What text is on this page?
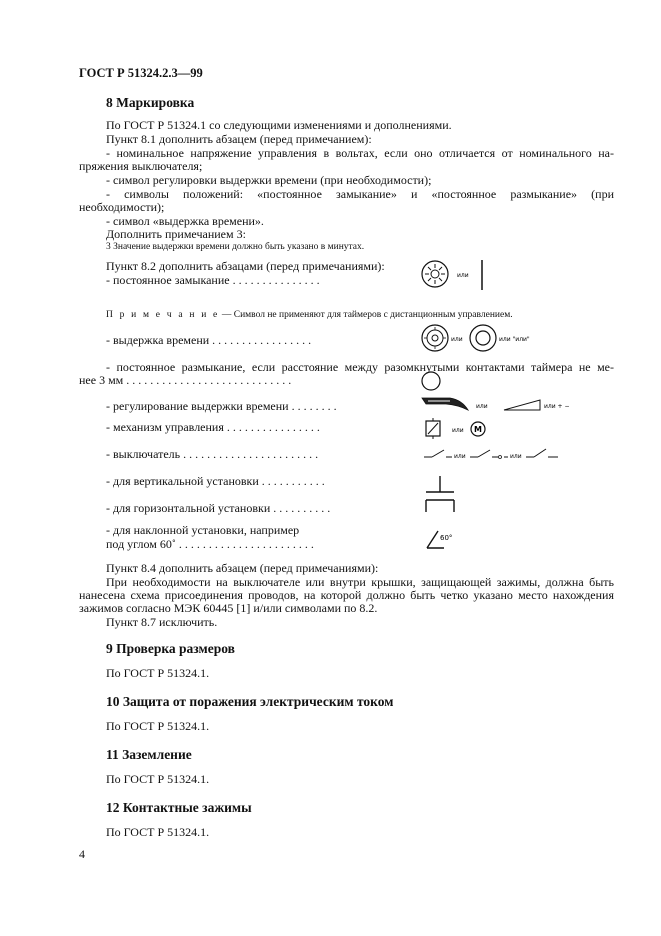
ГОСТ Р 51324.2.3—99
8 Маркировка
По ГОСТ Р 51324.1 со следующими изменениями и дополнениями.
Пункт 8.1 дополнить абзацем (перед примечанием):
- номинальное напряжение управления в вольтах, если оно отличается от номинального на-
пряжения выключателя;
- символ регулировки выдержки времени (при необходимости);
- символы положений: «постоянное замыкание» и «постоянное размыкание» (при
необходимости);
- символ «выдержка времени».
Дополнить примечанием 3:
3 Значение выдержки времени должно быть указано в минутах.
Пункт 8.2 дополнить абзацами (перед примечаниями):
- постоянное замыкание . . . . . . . . . . . . . . .	или
П р и м е ч а н и е — Символ не применяют для таймеров с дистанционным управлением.
- выдержка времени . . . . . . . . . . . . . . . . .	или	или "или"
- постоянное размыкание, если расстояние между разомкнутыми контактами таймера не ме-
нее 3 мм . . . . . . . . . . . . . . . . . . . . . . . . . . . .
- регулирование выдержки времени . . . . . . . .	или	или + −
- механизм управления . . . . . . . . . . . . . . . .	или M
- выключатель . . . . . . . . . . . . . . . . . . . . . . .	или	или
- для вертикальной установки . . . . . . . . . . .
- для горизонтальной установки . . . . . . . . . .
- для наклонной установки, например
под углом 60˚ . . . . . . . . . . . . . . . . . . . . . . .	60°
Пункт 8.4 дополнить абзацем (перед примечаниями):
При необходимости на выключателе или внутри крышки, защищающей зажимы, должна быть
нанесена схема присоединения проводов, на которой должно быть четко указано место нахождения
зажимов согласно МЭК 60445 [1] и/или символами по 8.2.
Пункт 8.7 исключить.
9 Проверка размеров
По ГОСТ Р 51324.1.
10 Защита от поражения электрическим током
По ГОСТ Р 51324.1.
11 Заземление
По ГОСТ Р 51324.1.
12 Контактные зажимы
По ГОСТ Р 51324.1.
4
